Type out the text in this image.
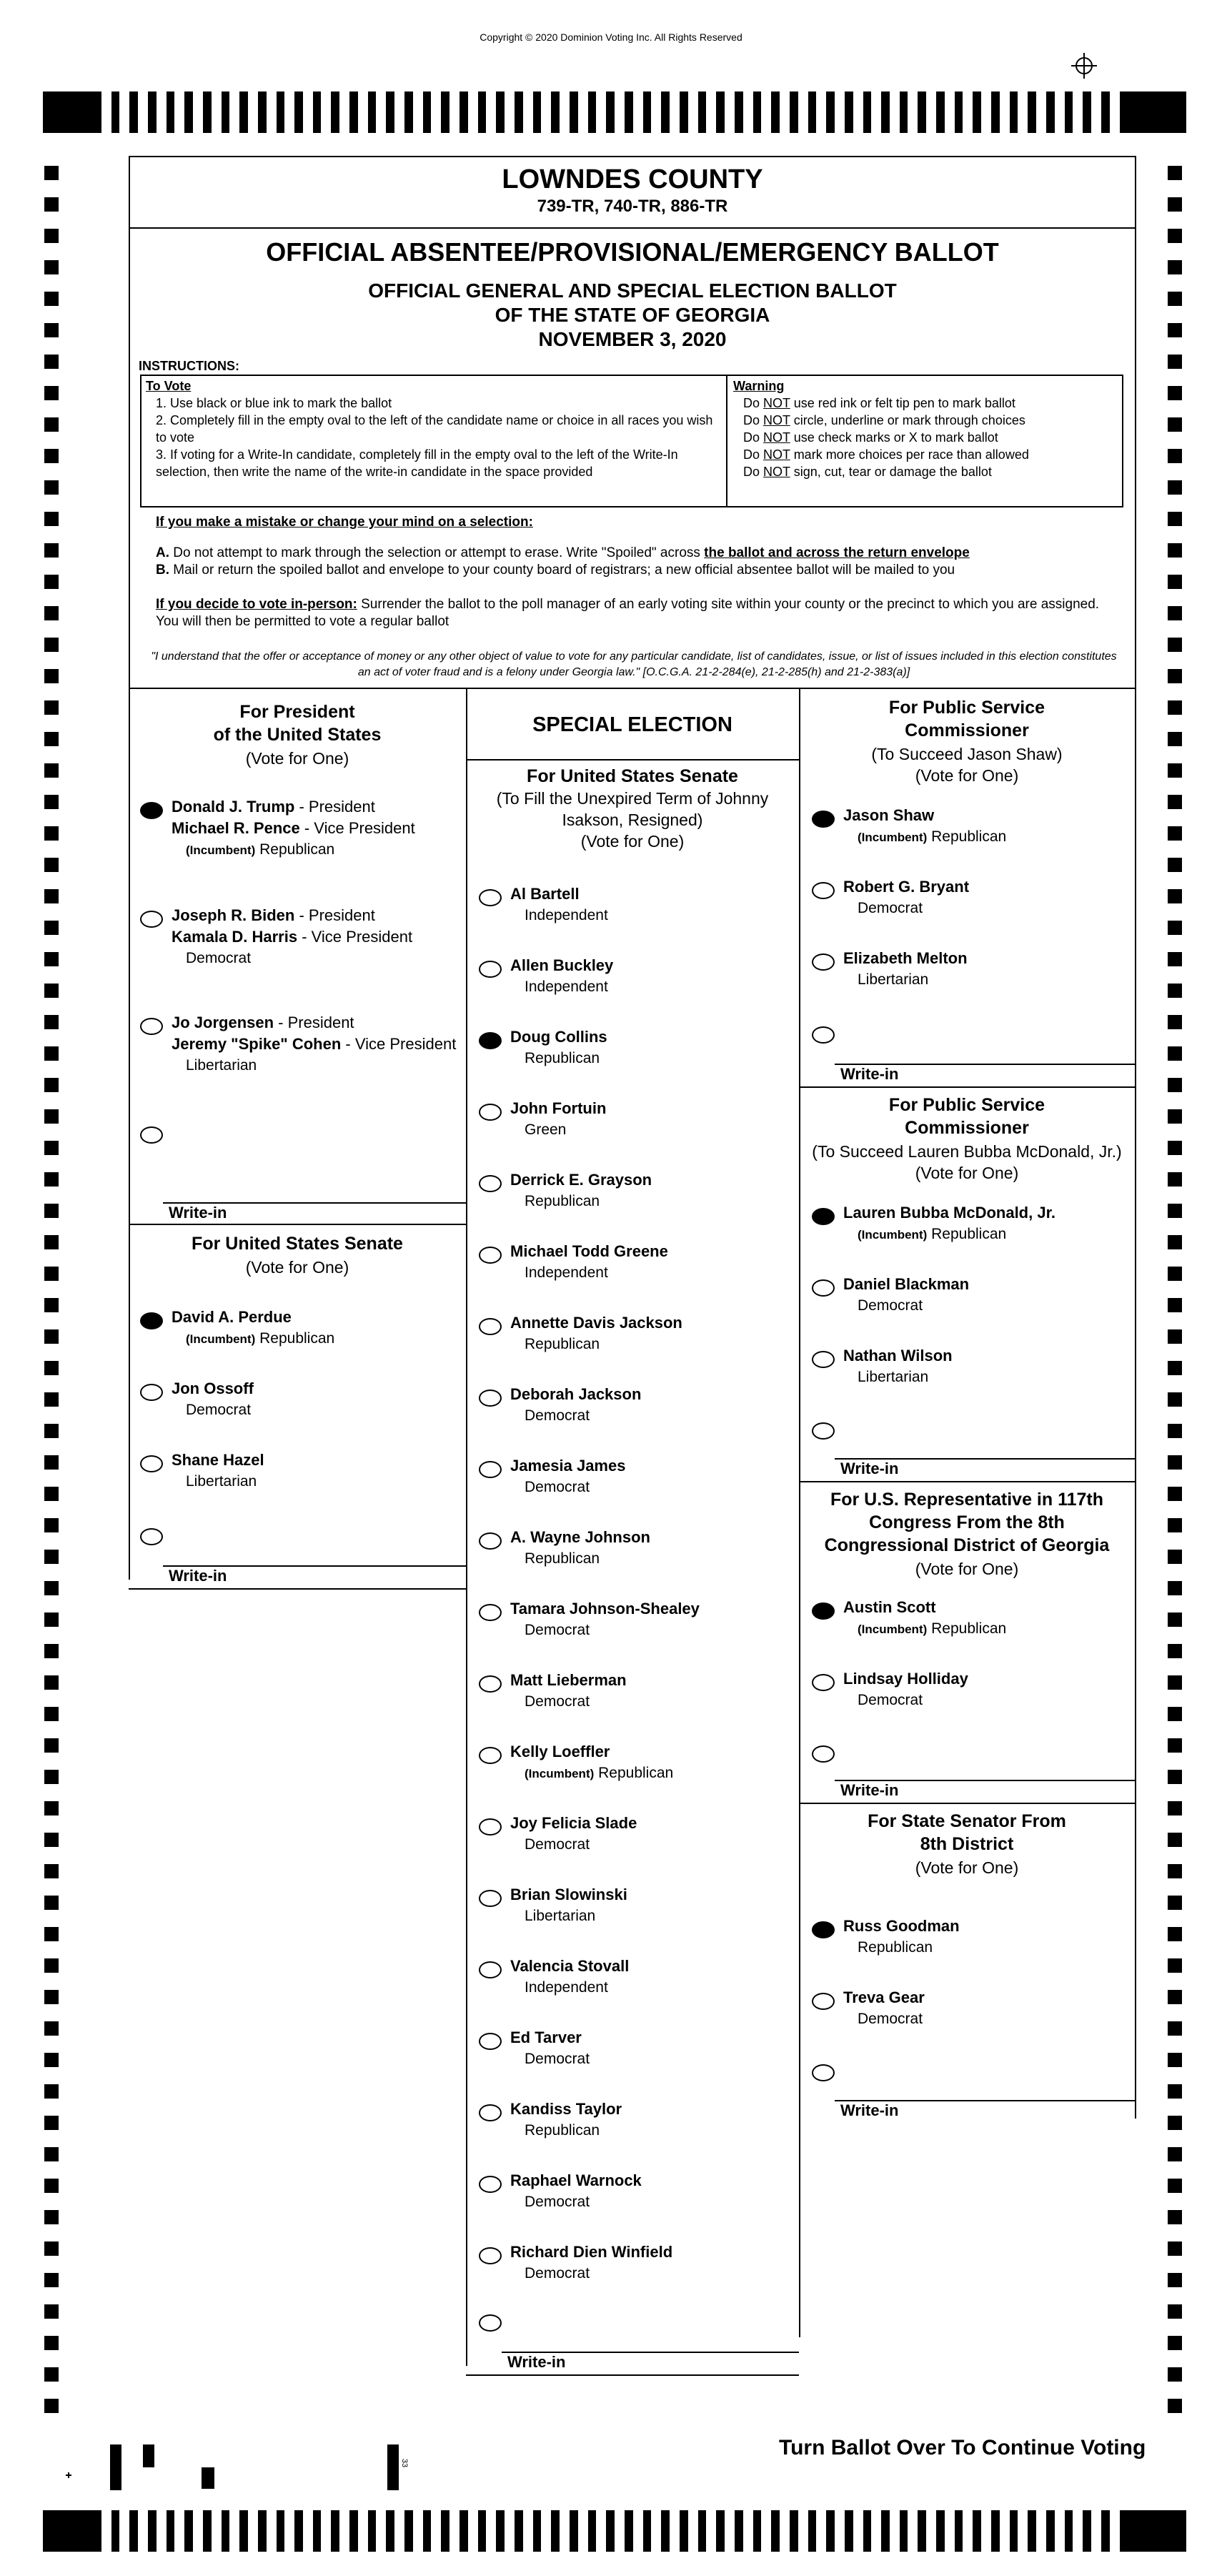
Copyright © 2020 Dominion Voting Inc. All Rights Reserved
LOWNDES COUNTY
739-TR, 740-TR, 886-TR
OFFICIAL ABSENTEE/PROVISIONAL/EMERGENCY BALLOT
OFFICIAL GENERAL AND SPECIAL ELECTION BALLOT
OF THE STATE OF GEORGIA
NOVEMBER 3, 2020
INSTRUCTIONS:
To Vote
1. Use black or blue ink to mark the ballot
2. Completely fill in the empty oval to the left of the candidate name or choice in all races you wish to vote
3. If voting for a Write-In candidate, completely fill in the empty oval to the left of the Write-In selection, then write the name of the write-in candidate in the space provided
Warning
Do NOT use red ink or felt tip pen to mark ballot
Do NOT circle, underline or mark through choices
Do NOT use check marks or X to mark ballot
Do NOT mark more choices per race than allowed
Do NOT sign, cut, tear or damage the ballot
If you make a mistake or change your mind on a selection:
A. Do not attempt to mark through the selection or attempt to erase. Write "Spoiled" across the ballot and across the return envelope
B. Mail or return the spoiled ballot and envelope to your county board of registrars; a new official absentee ballot will be mailed to you
If you decide to vote in-person: Surrender the ballot to the poll manager of an early voting site within your county or the precinct to which you are assigned. You will then be permitted to vote a regular ballot
"I understand that the offer or acceptance of money or any other object of value to vote for any particular candidate, list of candidates, issue, or list of issues included in this election constitutes an act of voter fraud and is a felony under Georgia law." [O.C.G.A. 21-2-284(e), 21-2-285(h) and 21-2-383(a)]
For President
of the United States
(Vote for One)
Donald J. Trump - President
Michael R. Pence - Vice President
(Incumbent) Republican
Joseph R. Biden - President
Kamala D. Harris - Vice President
Democrat
Jo Jorgensen - President
Jeremy "Spike" Cohen - Vice President
Libertarian
Write-in
For United States Senate
(Vote for One)
David A. Perdue
(Incumbent) Republican
Jon Ossoff
Democrat
Shane Hazel
Libertarian
Write-in
SPECIAL ELECTION
For United States Senate
(To Fill the Unexpired Term of Johnny
Isakson, Resigned)
(Vote for One)
Al Bartell
Independent
Allen Buckley
Independent
Doug Collins
Republican
John Fortuin
Green
Derrick E. Grayson
Republican
Michael Todd Greene
Independent
Annette Davis Jackson
Republican
Deborah Jackson
Democrat
Jamesia James
Democrat
A. Wayne Johnson
Republican
Tamara Johnson-Shealey
Democrat
Matt Lieberman
Democrat
Kelly Loeffler
(Incumbent) Republican
Joy Felicia Slade
Democrat
Brian Slowinski
Libertarian
Valencia Stovall
Independent
Ed Tarver
Democrat
Kandiss Taylor
Republican
Raphael Warnock
Democrat
Richard Dien Winfield
Democrat
Write-in
For Public Service
Commissioner
(To Succeed Jason Shaw)
(Vote for One)
Jason Shaw
(Incumbent) Republican
Robert G. Bryant
Democrat
Elizabeth Melton
Libertarian
Write-in
For Public Service
Commissioner
(To Succeed Lauren Bubba McDonald, Jr.)
(Vote for One)
Lauren Bubba McDonald, Jr.
(Incumbent) Republican
Daniel Blackman
Democrat
Nathan Wilson
Libertarian
Write-in
For U.S. Representative in 117th
Congress From the 8th
Congressional District of Georgia
(Vote for One)
Austin Scott
(Incumbent) Republican
Lindsay Holliday
Democrat
Write-in
For State Senator From
8th District
(Vote for One)
Russ Goodman
Republican
Treva Gear
Democrat
Write-in
33
Turn Ballot Over To Continue Voting
